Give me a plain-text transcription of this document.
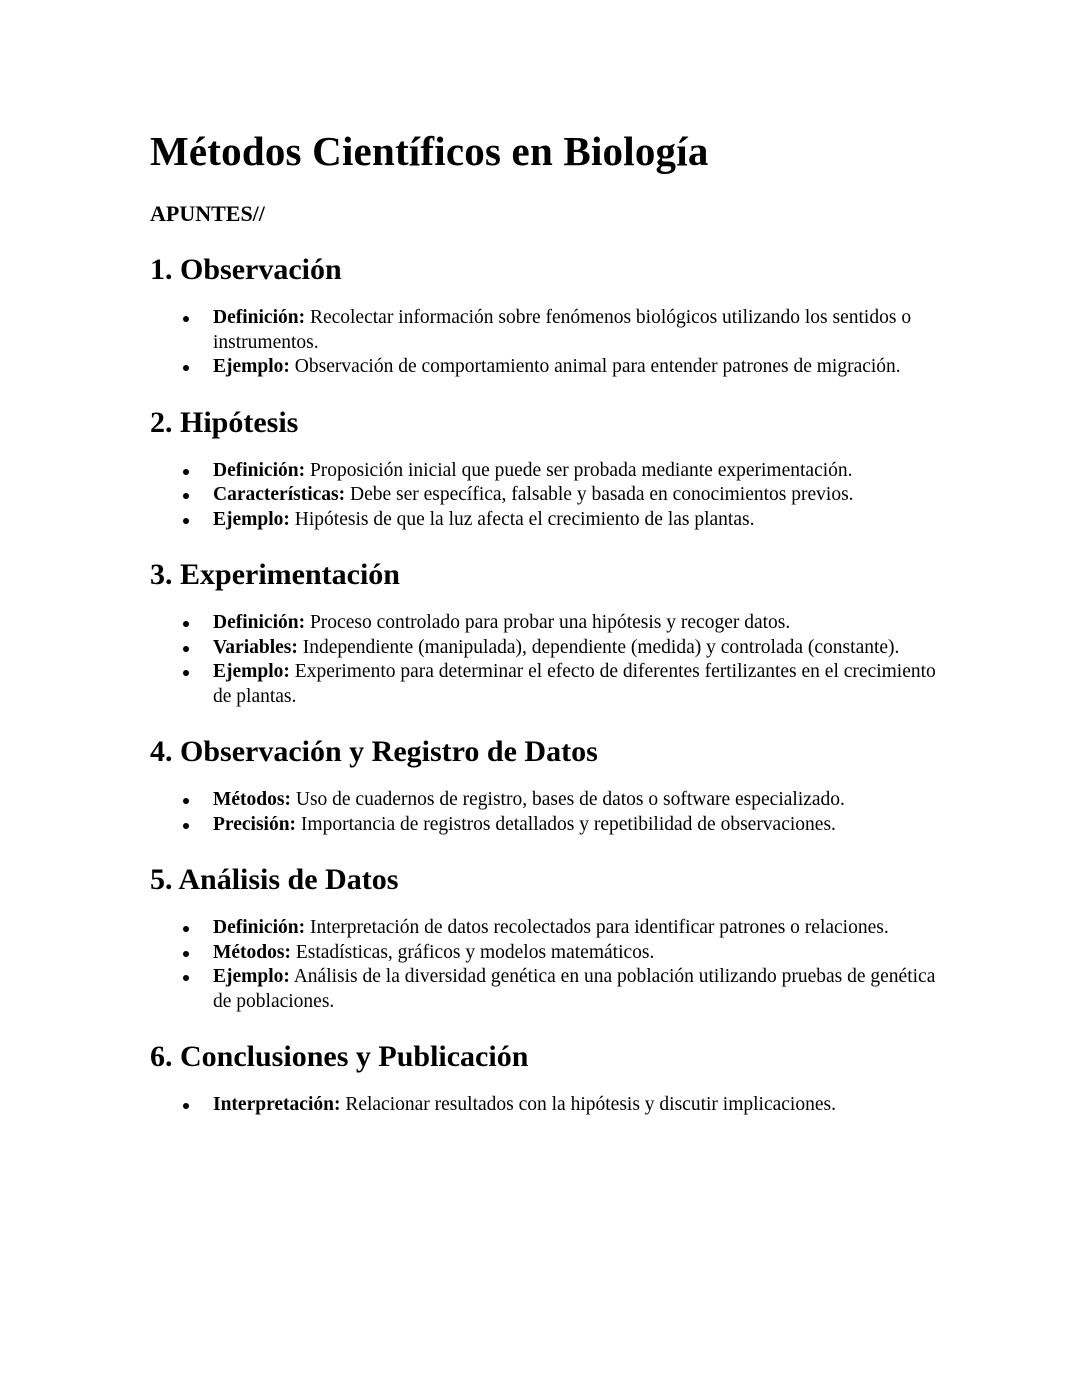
Métodos Científicos en Biología
APUNTES//
1. Observación
Definición: Recolectar información sobre fenómenos biológicos utilizando los sentidos o instrumentos.
Ejemplo: Observación de comportamiento animal para entender patrones de migración.
2. Hipótesis
Definición: Proposición inicial que puede ser probada mediante experimentación.
Características: Debe ser específica, falsable y basada en conocimientos previos.
Ejemplo: Hipótesis de que la luz afecta el crecimiento de las plantas.
3. Experimentación
Definición: Proceso controlado para probar una hipótesis y recoger datos.
Variables: Independiente (manipulada), dependiente (medida) y controlada (constante).
Ejemplo: Experimento para determinar el efecto de diferentes fertilizantes en el crecimiento de plantas.
4. Observación y Registro de Datos
Métodos: Uso de cuadernos de registro, bases de datos o software especializado.
Precisión: Importancia de registros detallados y repetibilidad de observaciones.
5. Análisis de Datos
Definición: Interpretación de datos recolectados para identificar patrones o relaciones.
Métodos: Estadísticas, gráficos y modelos matemáticos.
Ejemplo: Análisis de la diversidad genética en una población utilizando pruebas de genética de poblaciones.
6. Conclusiones y Publicación
Interpretación: Relacionar resultados con la hipótesis y discutir implicaciones.
